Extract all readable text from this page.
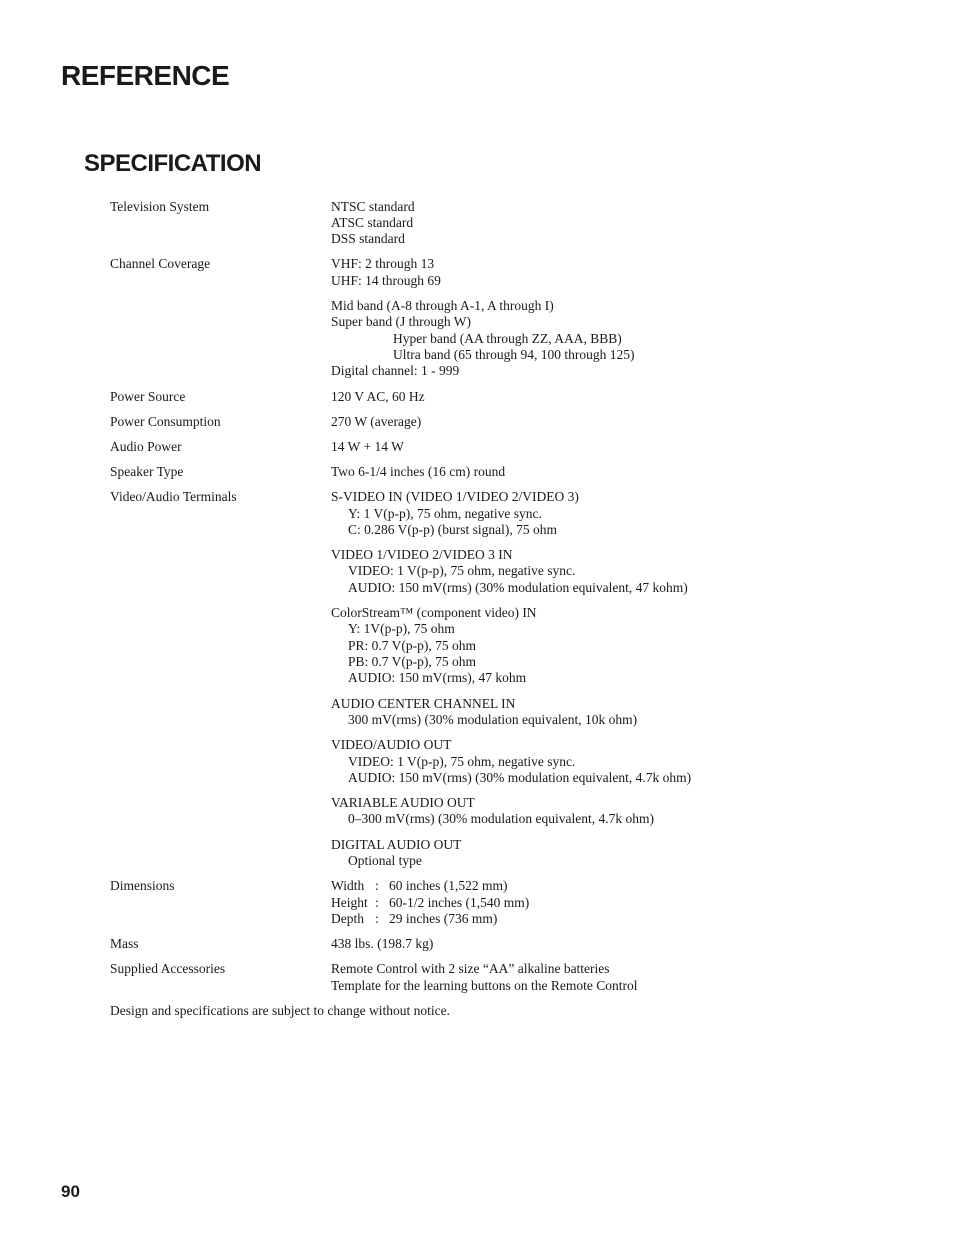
REFERENCE
SPECIFICATION
Television System	NTSC standard
ATSC standard
DSS standard
Channel Coverage	VHF: 2 through 13
UHF: 14 through 69
Mid band (A-8 through A-1, A through I)
Super band (J through W)
Hyper band (AA through ZZ, AAA, BBB)
Ultra band (65 through 94, 100 through 125)
Digital channel: 1 - 999
Power Source	120 V AC, 60 Hz
Power Consumption	270 W (average)
Audio Power	14 W + 14 W
Speaker Type	Two 6-1/4 inches (16 cm) round
Video/Audio Terminals	S-VIDEO IN (VIDEO 1/VIDEO 2/VIDEO 3)
Y: 1 V(p-p), 75 ohm, negative sync.
C: 0.286 V(p-p) (burst signal), 75 ohm
VIDEO 1/VIDEO 2/VIDEO 3 IN
VIDEO: 1 V(p-p), 75 ohm, negative sync.
AUDIO: 150 mV(rms) (30% modulation equivalent, 47 kohm)
ColorStream™ (component video) IN
Y: 1V(p-p), 75 ohm
PR: 0.7 V(p-p), 75 ohm
PB: 0.7 V(p-p), 75 ohm
AUDIO: 150 mV(rms), 47 kohm
AUDIO CENTER CHANNEL IN
300 mV(rms) (30% modulation equivalent, 10k ohm)
VIDEO/AUDIO OUT
VIDEO: 1 V(p-p), 75 ohm, negative sync.
AUDIO: 150 mV(rms) (30% modulation equivalent, 4.7k ohm)
VARIABLE AUDIO OUT
0–300 mV(rms) (30% modulation equivalent, 4.7k ohm)
DIGITAL AUDIO OUT
Optional type
Dimensions	Width : 60 inches (1,522 mm)
Height : 60-1/2 inches (1,540 mm)
Depth : 29 inches (736 mm)
Mass	438 lbs. (198.7 kg)
Supplied Accessories	Remote Control with 2 size “AA” alkaline batteries
Template for the learning buttons on the Remote Control
Design and specifications are subject to change without notice.
90
